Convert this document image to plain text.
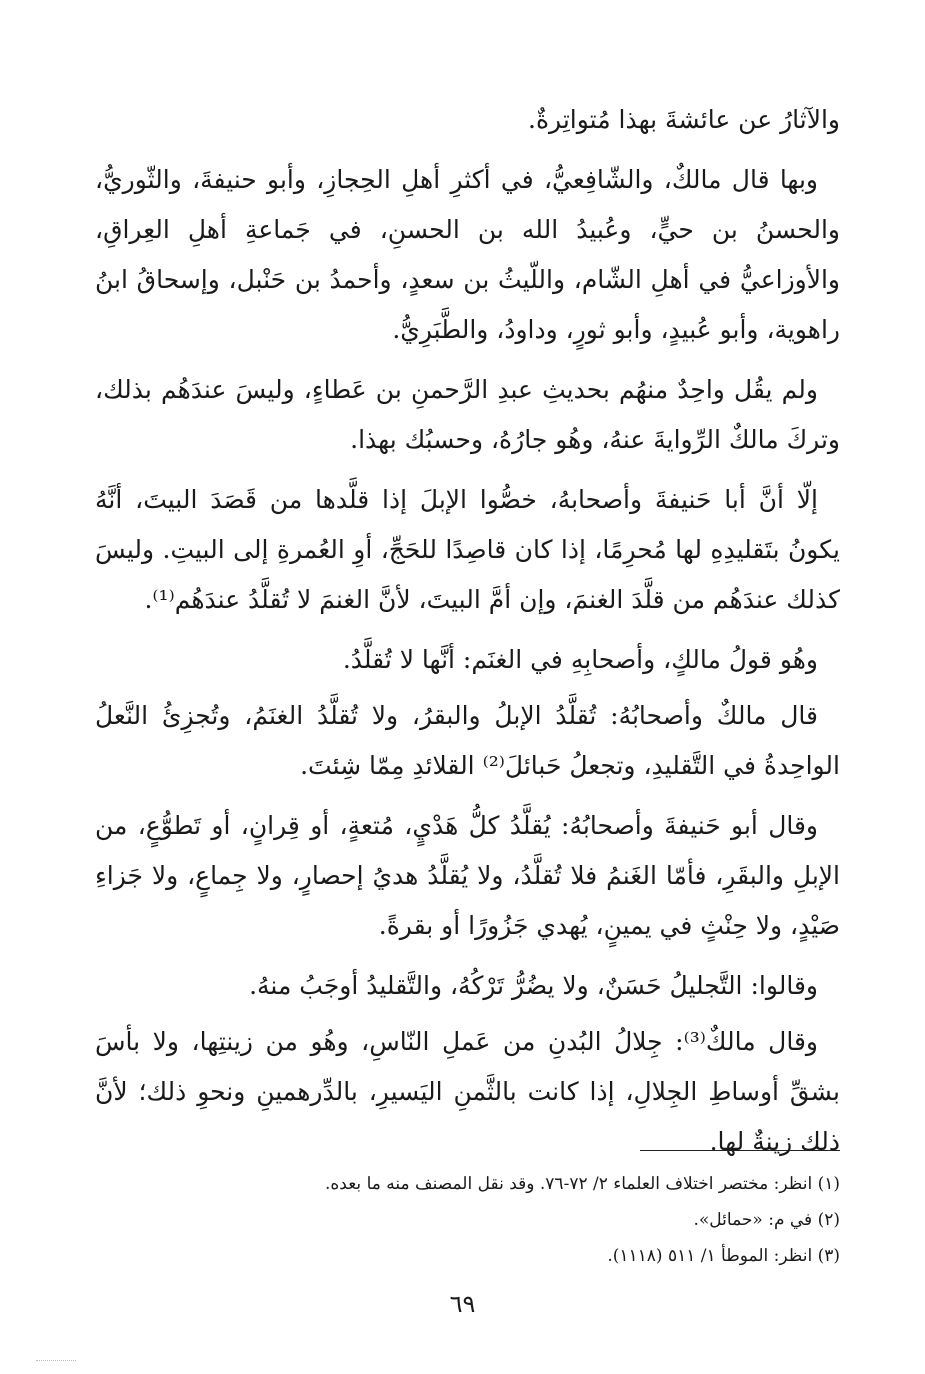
والآثارُ عن عائشةَ بهذا مُتواتِرةٌ.

وبها قال مالكٌ، والشّافِعيُّ، في أكثرِ أهلِ الحِجازِ، وأبو حنيفةَ، والثّوريُّ، والحسنُ بن حيٍّ، وعُبيدُ الله بن الحسنِ، في جَماعةِ أهلِ العِراقِ، والأوزاعيُّ في أهلِ الشّام، واللّيثُ بن سعدٍ، وأحمدُ بن حَنْبل، وإسحاقُ ابنُ راهوية، وأبو عُبيدٍ، وأبو ثورٍ، وداودُ، والطَّبَرِيُّ.

ولم يقُل واحِدٌ منهُم بحديثِ عبدِ الرَّحمنِ بن عَطاءٍ، وليسَ عندَهُم بذلك، وتركَ مالكٌ الرِّوايةَ عنهُ، وهُو جارُهُ، وحسبُك بهذا.

إلّا أنَّ أبا حَنيفةَ وأصحابهُ، خصُّوا الإبلَ إذا قلَّدها من قَصَدَ البيتَ، أنَّهُ يكونُ بتَقليدِهِ لها مُحرِمًا، إذا كان قاصِدًا للحَجِّ، أوِ العُمرةِ إلى البيتِ. وليسَ كذلك عندَهُم من قلَّدَ الغنمَ، وإن أمَّ البيتَ، لأنَّ الغنمَ لا تُقلَّدُ عندَهُم⁽¹⁾.

وهُو قولُ مالكٍ، وأصحابِهِ في الغنَم: أنَّها لا تُقلَّدُ.

قال مالكٌ وأصحابُهُ: تُقلَّدُ الإبلُ والبقرُ، ولا تُقلَّدُ الغنَمُ، وتُجزِئُ النَّعلُ الواحِدةُ في التَّقليدِ، وتجعلُ حَبائلَ⁽²⁾ القلائدِ مِمّا شِئتَ.

وقال أبو حَنيفةَ وأصحابُهُ: يُقلَّدُ كلُّ هَدْيٍ، مُتعةٍ، أو قِرانٍ، أو تَطوُّعٍ، من الإبلِ والبقَرِ، فأمّا الغَنمُ فلا تُقلَّدُ، ولا يُقلَّدُ هديُ إحصارٍ، ولا جِماعٍ، ولا جَزاءِ صَيْدٍ، ولا حِنْثٍ في يمينٍ، يُهدي جَزُورًا أو بقرةً.

وقالوا: التَّجليلُ حَسَنٌ، ولا يضُرُّ تَرْكُهُ، والتَّقليدُ أوجَبُ منهُ.

وقال مالكٌ⁽³⁾: جِلالُ البُدنِ من عَملِ النّاسِ، وهُو من زينتِها، ولا بأسَ بشقِّ أوساطِ الجِلالِ، إذا كانت بالثَّمنِ اليَسيرِ، بالدِّرهمينِ ونحوِ ذلك؛ لأنَّ ذلك زينةٌ لها.

(١) انظر: مختصر اختلاف العلماء ٢/ ٧٢-٧٦. وقد نقل المصنف منه ما بعده.

(٢) في م: «حمائل».

(٣) انظر: الموطأ ١/ ٥١١ (١١١٨).

٦٩
